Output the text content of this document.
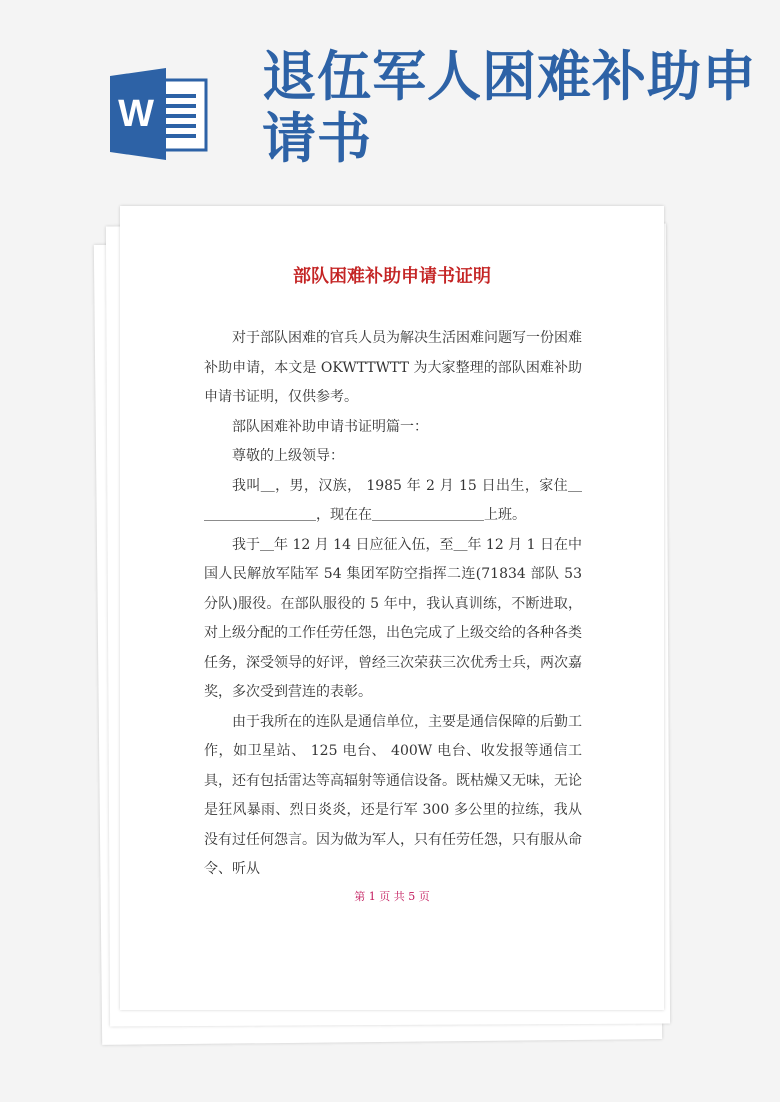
W
退伍军人困难补助申请书
部队困难补助申请书证明

对于部队困难的官兵人员为解决生活困难问题写一份困难补助申请，本文是 OKWTTWTT 为大家整理的部队困难补助申请书证明，仅供参考。

部队困难补助申请书证明篇一：

尊敬的上级领导：

我叫＿，男，汉族， 1985 年 2 月 15 日出生，家住＿＿＿＿＿＿＿＿＿，现在在＿＿＿＿＿＿＿＿上班。

我于＿年 12 月 14 日应征入伍，至＿年 12 月 1 日在中国人民解放军陆军 54 集团军防空指挥二连(71834 部队 53 分队)服役。在部队服役的 5 年中，我认真训练，不断进取，对上级分配的工作任劳任怨，出色完成了上级交给的各种各类任务，深受领导的好评，曾经三次荣获三次优秀士兵，两次嘉奖，多次受到营连的表彰。

由于我所在的连队是通信单位，主要是通信保障的后勤工作，如卫星站、 125 电台、 400W 电台、收发报等通信工具，还有包括雷达等高辐射等通信设备。既枯燥又无味，无论是狂风暴雨、烈日炎炎，还是行军 300 多公里的拉练，我从没有过任何怨言。因为做为军人，只有任劳任怨，只有服从命令、听从

第 1 页 共 5 页
